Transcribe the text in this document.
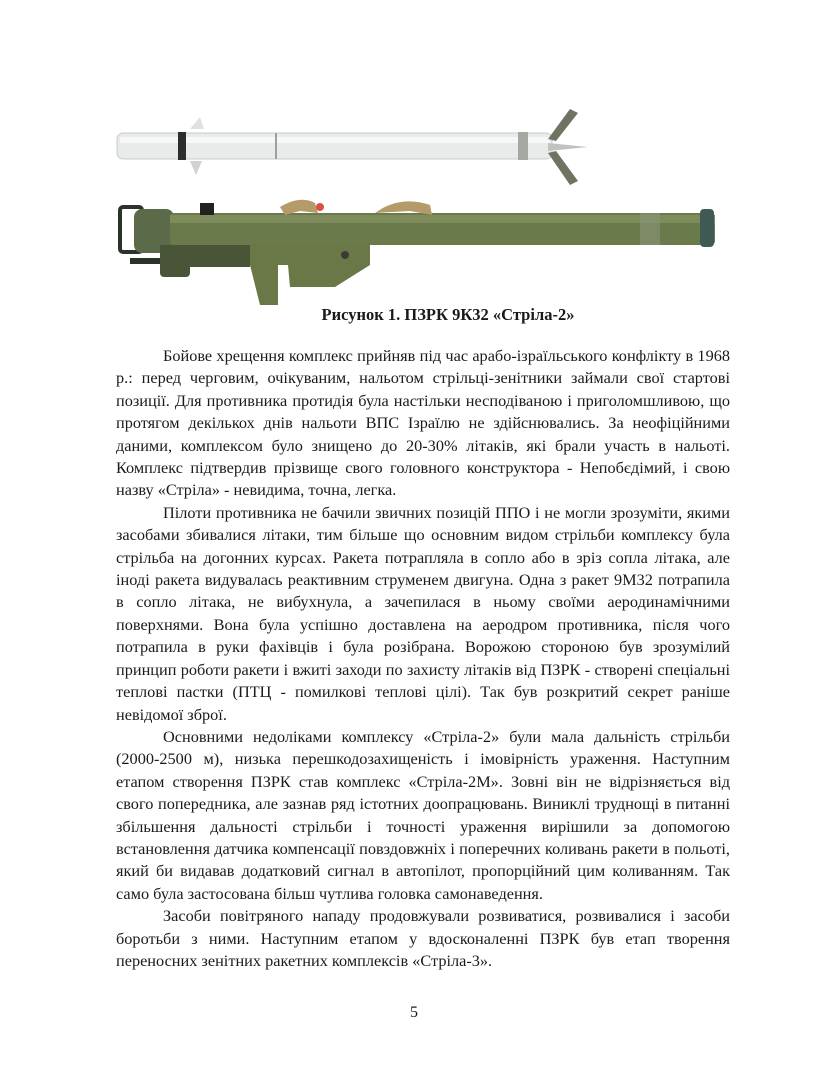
Рисунок 1. ПЗРК 9К32 «Стріла-2»

Бойове хрещення комплекс прийняв під час арабо-ізраїльського конфлікту в 1968 р.: перед черговим, очікуваним, нальотом стрільці-зенітники займали свої стартові позиції. Для противника протидія була настільки несподіваною і приголомшливою, що протягом декількох днів нальоти ВПС Ізраїлю не здійснювались. За неофіційними даними, комплексом було знищено до 20-30% літаків, які брали участь в нальоті. Комплекс підтвердив прізвище свого головного конструктора - Непобєдімий, і свою назву «Стріла» - невидима, точна, легка.

Пілоти противника не бачили звичних позицій ППО і не могли зрозуміти, якими засобами збивалися літаки, тим більше що основним видом стрільби комплексу була стрільба на догонних курсах. Ракета потрапляла в сопло або в зріз сопла літака, але іноді ракета видувалась реактивним струменем двигуна. Одна з ракет 9М32 потрапила в сопло літака, не вибухнула, а зачепилася в ньому своїми аеродинамічними поверхнями. Вона була успішно доставлена на аеродром противника, після чого потрапила в руки фахівців і була розібрана. Ворожою стороною був зрозумілий принцип роботи ракети і вжиті заходи по захисту літаків від ПЗРК - створені спеціальні теплові пастки (ПТЦ - помилкові теплові цілі). Так був розкритий секрет раніше невідомої зброї.

Основними недоліками комплексу «Стріла-2» були мала дальність стрільби (2000-2500 м), низька перешкодозахищеність і імовірність ураження. Наступним етапом створення ПЗРК став комплекс «Стріла-2М». Зовні він не відрізняється від свого попередника, але зазнав ряд істотних доопрацювань. Виниклі труднощі в питанні збільшення дальності стрільби і точності ураження вирішили за допомогою встановлення датчика компенсації повздовжніх і поперечних коливань ракети в польоті, який би видавав додатковий сигнал в автопілот, пропорційний цим коливанням. Так само була застосована більш чутлива головка самонаведення.

Засоби повітряного нападу продовжували розвиватися, розвивалися і засоби боротьби з ними. Наступним етапом у вдосконаленні ПЗРК був етап творення переносних зенітних ракетних комплексів «Стріла-3».

5
